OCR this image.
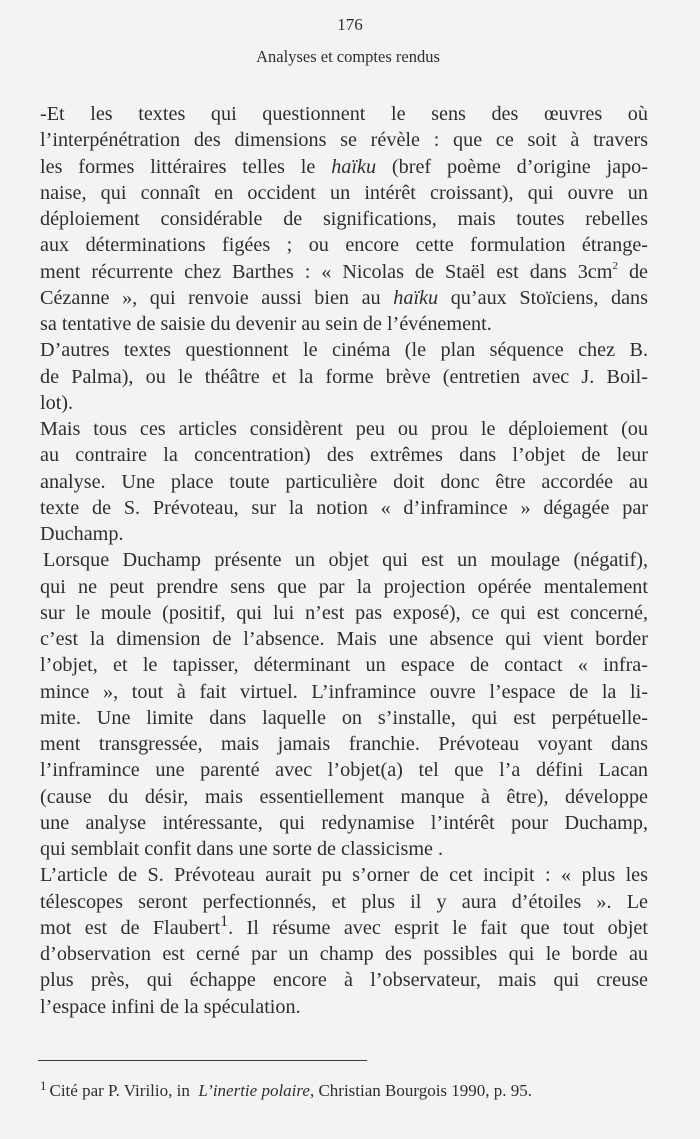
176
Analyses et comptes rendus
-Et les textes qui questionnent le sens des œuvres où
l’interpénétration des dimensions se révèle : que ce soit à travers
les formes littéraires telles le haïku (bref poème d’origine japo-
naise, qui connaît en occident un intérêt croissant), qui ouvre un
déploiement considérable de significations, mais toutes rebelles
aux déterminations figées ; ou encore cette formulation étrange-
ment récurrente chez Barthes : « Nicolas de Staël est dans $3cm^2$ de
Cézanne », qui renvoie aussi bien au haïku qu’aux Stoïciens, dans
sa tentative de saisie du devenir au sein de l’événement.
D’autres textes questionnent le cinéma (le plan séquence chez B.
de Palma), ou le théâtre et la forme brève (entretien avec J. Boil-
lot).
Mais tous ces articles considèrent peu ou prou le déploiement (ou
au contraire la concentration) des extrêmes dans l’objet de leur
analyse. Une place toute particulière doit donc être accordée au
texte de S. Prévoteau, sur la notion « d’inframince » dégagée par
Duchamp.
Lorsque Duchamp présente un objet qui est un moulage (négatif),
qui ne peut prendre sens que par la projection opérée mentalement
sur le moule (positif, qui lui n’est pas exposé), ce qui est concerné,
c’est la dimension de l’absence. Mais une absence qui vient border
l’objet, et le tapisser, déterminant un espace de contact « infra-
mince », tout à fait virtuel. L’inframince ouvre l’espace de la li-
mite. Une limite dans laquelle on s’installe, qui est perpétuelle-
ment transgressée, mais jamais franchie. Prévoteau voyant dans
l’inframince une parenté avec l’objet(a) tel que l’a défini Lacan
(cause du désir, mais essentiellement manque à être), développe
une analyse intéressante, qui redynamise l’intérêt pour Duchamp,
qui semblait confit dans une sorte de classicisme .
L’article de S. Prévoteau aurait pu s’orner de cet incipit : « plus les
télescopes seront perfectionnés, et plus il y aura d’étoiles ». Le
mot est de Flaubert$^1$. Il résume avec esprit le fait que tout objet
d’observation est cerné par un champ des possibles qui le borde au
plus près, qui échappe encore à l’observateur, mais qui creuse
l’espace infini de la spéculation.
$^1$ Cité par P. Virilio, in  L’inertie polaire, Christian Bourgois 1990, p. 95.
